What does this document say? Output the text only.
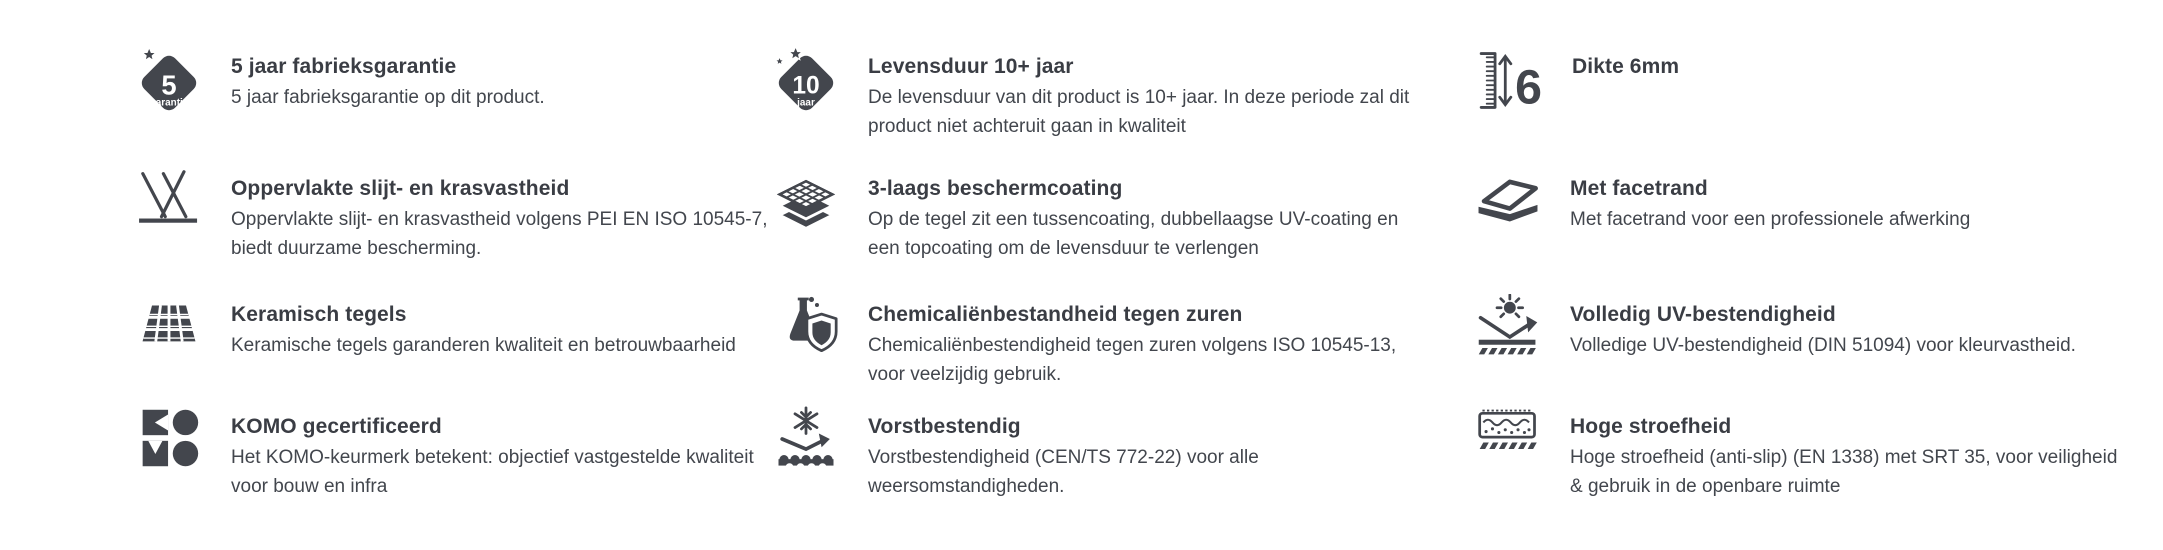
5
garantie
5 jaar fabrieksgarantie

5 jaar fabrieksgarantie op dit product.	10
jaar
Levensduur 10+ jaar

De levensduur van dit product is 10+ jaar. In deze periode zal dit product niet achteruit gaan in kwaliteit

6 Dikte 6mm

Oppervlakte slijt- en krasvastheid

Oppervlakte slijt- en krasvastheid volgens PEI EN ISO 10545-7, biedt duurzame bescherming.

3-laags beschermcoating

Op de tegel zit een tussencoating, dubbellaagse UV-coating en een topcoating om de levensduur te verlengen

Met facetrand

Met facetrand voor een professionele afwerking

Keramisch tegels

Keramische tegels garanderen kwaliteit en betrouwbaarheid

Chemicaliënbestandheid tegen zuren

Chemicaliënbestendigheid tegen zuren volgens ISO 10545-13, voor veelzijdig gebruik.

Volledig UV-bestendigheid

Volledige UV-bestendigheid (DIN 51094) voor kleurvastheid.

KOMO gecertificeerd

Het KOMO-keurmerk betekent: objectief vastgestelde kwaliteit voor bouw en infra

Vorstbestendig

Vorstbestendigheid (CEN/TS 772-22) voor alle weersomstandigheden.

Hoge stroefheid

Hoge stroefheid (anti-slip) (EN 1338) met SRT 35, voor veiligheid & gebruik in de openbare ruimte
